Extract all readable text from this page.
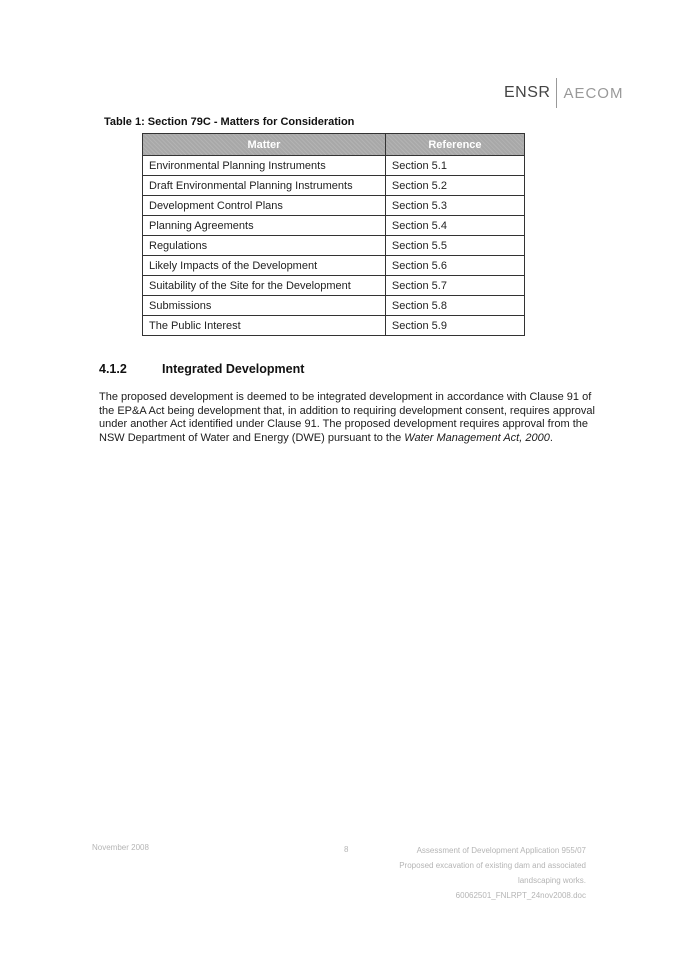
ENSR AECOM
Table 1: Section 79C - Matters for Consideration
Matter	Reference
Environmental Planning Instruments	Section 5.1
Draft Environmental Planning Instruments	Section 5.2
Development Control Plans	Section 5.3
Planning Agreements	Section 5.4
Regulations	Section 5.5
Likely Impacts of the Development	Section 5.6
Suitability of the Site for the Development	Section 5.7
Submissions	Section 5.8
The Public Interest	Section 5.9
4.1.2	Integrated Development

The proposed development is deemed to be integrated development in accordance with Clause 91 of the EP&A Act being development that, in addition to requiring development consent, requires approval under another Act identified under Clause 91. The proposed development requires approval from the NSW Department of Water and Energy (DWE) pursuant to the Water Management Act, 2000.

November 2008	8	Assessment of Development Application 955/07
Proposed excavation of existing dam and associated
landscaping works.
60062501_FNLRPT_24nov2008.doc
